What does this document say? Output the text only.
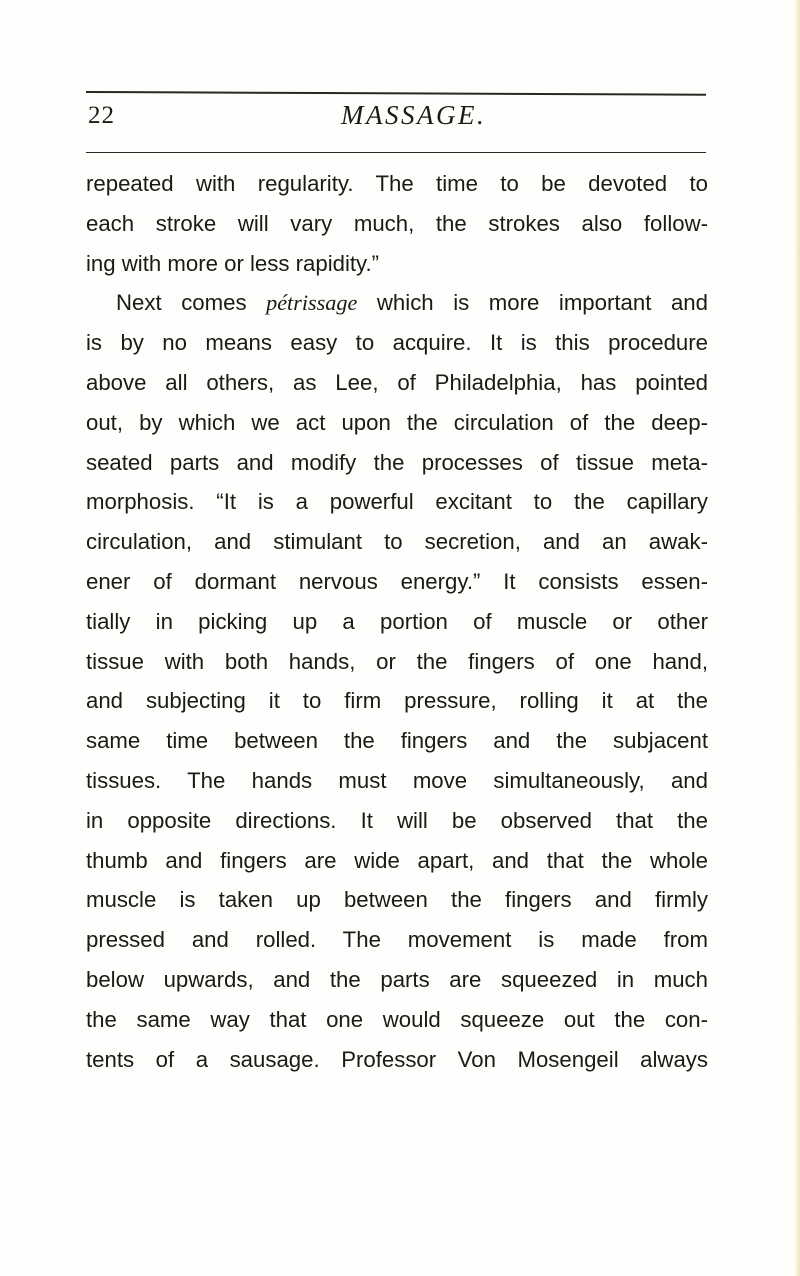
22	MASSAGE.
repeated with regularity. The time to be devoted to
each stroke will vary much, the strokes also follow-
ing with more or less rapidity.”
Next comes pétrissage which is more important and
is by no means easy to acquire. It is this procedure
above all others, as Lee, of Philadelphia, has pointed
out, by which we act upon the circulation of the deep-
seated parts and modify the processes of tissue meta-
morphosis. “It is a powerful excitant to the capillary
circulation, and stimulant to secretion, and an awak-
ener of dormant nervous energy.” It consists essen-
tially in picking up a portion of muscle or other
tissue with both hands, or the fingers of one hand,
and subjecting it to firm pressure, rolling it at the
same time between the fingers and the subjacent
tissues. The hands must move simultaneously, and
in opposite directions. It will be observed that the
thumb and fingers are wide apart, and that the whole
muscle is taken up between the fingers and firmly
pressed and rolled. The movement is made from
below upwards, and the parts are squeezed in much
the same way that one would squeeze out the con-
tents of a sausage. Professor Von Mosengeil always
